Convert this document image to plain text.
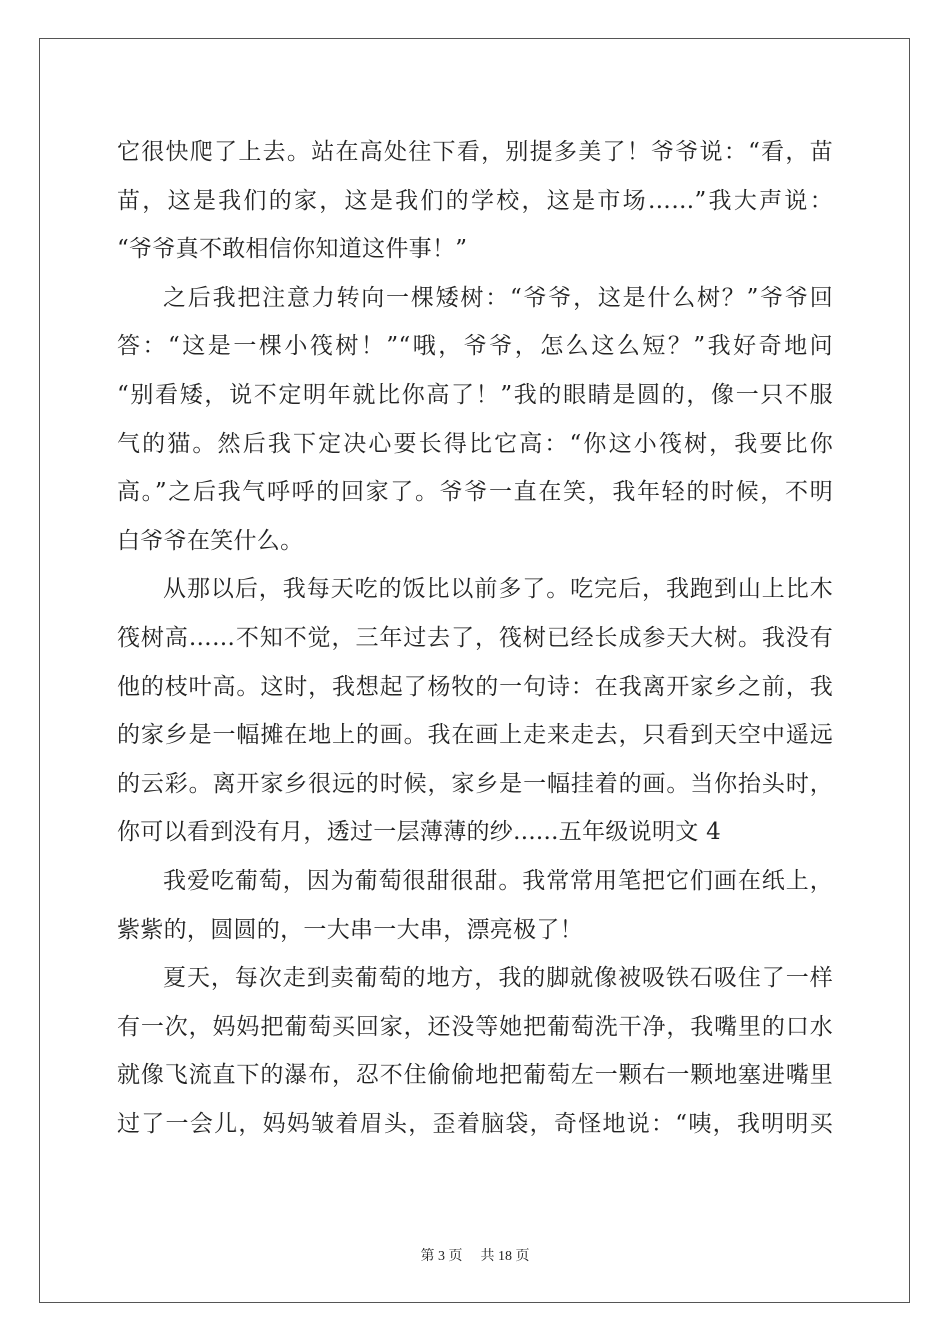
它很快爬了上去。站在高处往下看，别提多美了！爷爷说：“看，苗
苗，这是我们的家，这是我们的学校，这是市场……”我大声说：
“爷爷真不敢相信你知道这件事！”
之后我把注意力转向一棵矮树：“爷爷，这是什么树？”爷爷回
答：“这是一棵小筏树！”“哦，爷爷，怎么这么短？”我好奇地问
“别看矮，说不定明年就比你高了！”我的眼睛是圆的，像一只不服
气的猫。然后我下定决心要长得比它高：“你这小筏树，我要比你
高。”之后我气呼呼的回家了。爷爷一直在笑，我年轻的时候，不明
白爷爷在笑什么。
从那以后，我每天吃的饭比以前多了。吃完后，我跑到山上比木
筏树高……不知不觉，三年过去了，筏树已经长成参天大树。我没有
他的枝叶高。这时，我想起了杨牧的一句诗：在我离开家乡之前，我
的家乡是一幅摊在地上的画。我在画上走来走去，只看到天空中遥远
的云彩。离开家乡很远的时候，家乡是一幅挂着的画。当你抬头时，
你可以看到没有月，透过一层薄薄的纱......五年级说明文 4
我爱吃葡萄，因为葡萄很甜很甜。我常常用笔把它们画在纸上，
紫紫的，圆圆的，一大串一大串，漂亮极了！
夏天，每次走到卖葡萄的地方，我的脚就像被吸铁石吸住了一样
有一次，妈妈把葡萄买回家，还没等她把葡萄洗干净，我嘴里的口水
就像飞流直下的瀑布，忍不住偷偷地把葡萄左一颗右一颗地塞进嘴里
过了一会儿，妈妈皱着眉头，歪着脑袋，奇怪地说：“咦，我明明买
第 3 页 共 18 页
